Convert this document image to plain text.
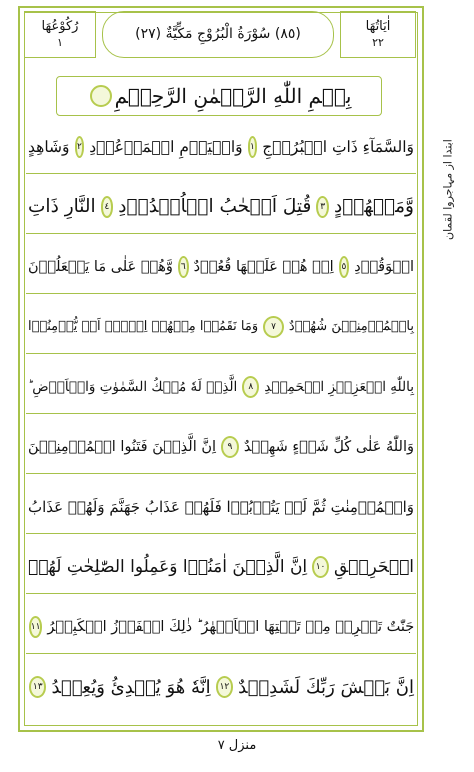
رُكُوْعُهَا
١
(٨٥) سُوْرَةُ الْبُرُوْجِ مَكِّيَّةٌ (٢٧)	اٰيَاتُهَا
٢٢
بِسۡمِ اللّٰهِ الرَّحۡمٰنِ الرَّحِيۡمِ
وَالسَّمَآءِ ذَاتِ الۡبُرُوۡجِ
١
وَالۡيَوۡمِ الۡمَوۡعُوۡدِ
٢
وَشَاهِدٍ
وَّمَشۡهُوۡدٍ
٣
قُتِلَ اَصۡحٰبُ الۡاُخۡدُوۡدِ
٤
النَّارِ ذَاتِ
الۡوَقُوۡدِ
٥
اِذۡ هُمۡ عَلَيۡهَا قُعُوۡدٌ
٦
وَّهُمۡ عَلٰى مَا يَفۡعَلُوۡنَ
بِالۡمُؤۡمِنِيۡنَ شُهُوۡدٌ
٧
وَمَا نَقَمُوۡا مِنۡهُمۡ اِلَّاۤ اَنۡ يُّؤۡمِنُوۡا
بِاللّٰهِ الۡعَزِيۡزِ الۡحَمِيۡدِ
٨
الَّذِىۡ لَهٗ مُلۡكُ السَّمٰوٰتِ وَالۡاَرۡضِ ؕ
وَاللّٰهُ عَلٰى كُلِّ شَىۡءٍ شَهِيۡدٌ
٩
اِنَّ الَّذِيۡنَ فَتَنُوا الۡمُؤۡمِنِيۡنَ
وَالۡمُؤۡمِنٰتِ ثُمَّ لَمۡ يَتُوۡبُوۡا فَلَهُمۡ عَذَابُ جَهَنَّمَ وَلَهُمۡ عَذَابُ
الۡحَرِيۡقِ
١٠
اِنَّ الَّذِيۡنَ اٰمَنُوۡا وَعَمِلُوا الصّٰلِحٰتِ لَهُمۡ
جَنّٰتٌ تَجۡرِىۡ مِنۡ تَحۡتِهَا الۡاَنۡهٰرُ ؕ ذٰلِكَ الۡفَوۡزُ الۡكَبِيۡرُ
١١
اِنَّ بَطۡشَ رَبِّكَ لَشَدِيۡدٌ
١٢
اِنَّهٗ هُوَ يُبۡدِئُ وَيُعِيۡدُ
١٣
ابتدا از مہاجروا لقمان
منزل ٧
